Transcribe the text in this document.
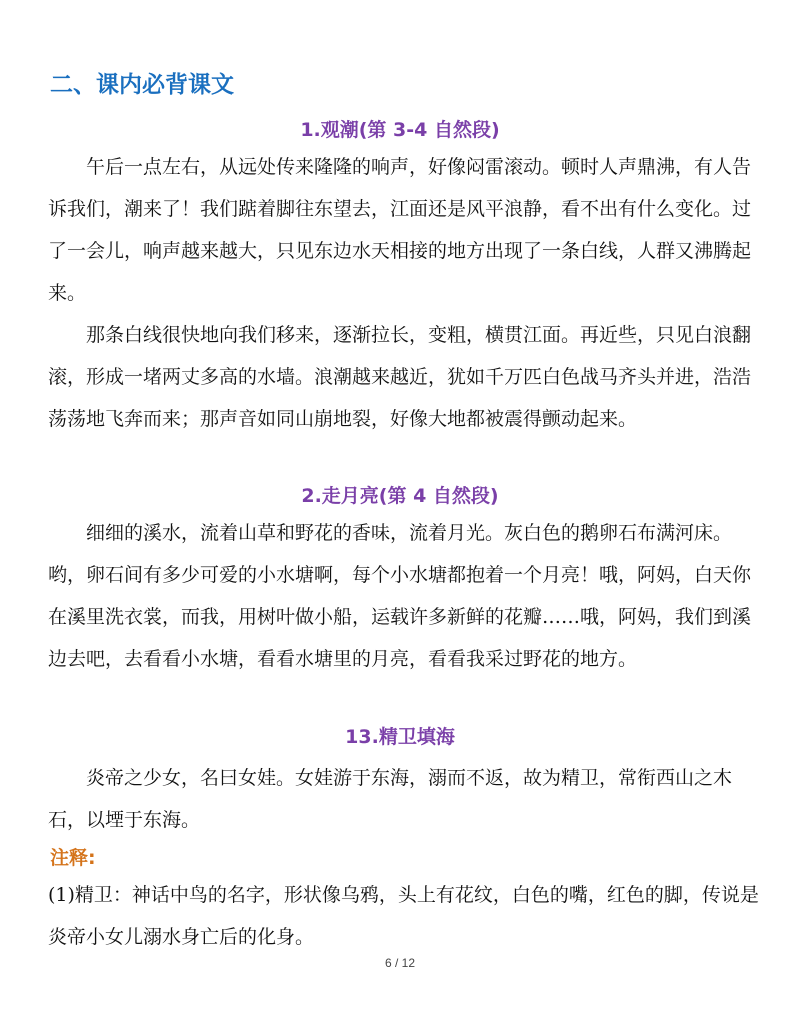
二、课内必背课文
1.观潮(第 3-4 自然段)

　　午后一点左右，从远处传来隆隆的响声，好像闷雷滚动。顿时人声鼎沸，有人告诉我们，潮来了！我们踮着脚往东望去，江面还是风平浪静，看不出有什么变化。过了一会儿，响声越来越大，只见东边水天相接的地方出现了一条白线，人群又沸腾起来。

　　那条白线很快地向我们移来，逐渐拉长，变粗，横贯江面。再近些，只见白浪翻滚，形成一堵两丈多高的水墙。浪潮越来越近，犹如千万匹白色战马齐头并进，浩浩荡荡地飞奔而来；那声音如同山崩地裂，好像大地都被震得颤动起来。

2.走月亮(第 4 自然段)

　　细细的溪水，流着山草和野花的香味，流着月光。灰白色的鹅卵石布满河床。哟，卵石间有多少可爱的小水塘啊，每个小水塘都抱着一个月亮！哦，阿妈，白天你在溪里洗衣裳，而我，用树叶做小船，运载许多新鲜的花瓣……哦，阿妈，我们到溪边去吧，去看看小水塘，看看水塘里的月亮，看看我采过野花的地方。

13.精卫填海

　　炎帝之少女，名曰女娃。女娃游于东海，溺而不返，故为精卫，常衔西山之木石，以堙于东海。

注释:

(1)精卫：神话中鸟的名字，形状像乌鸦，头上有花纹，白色的嘴，红色的脚，传说是炎帝小女儿溺水身亡后的化身。

6 / 12
